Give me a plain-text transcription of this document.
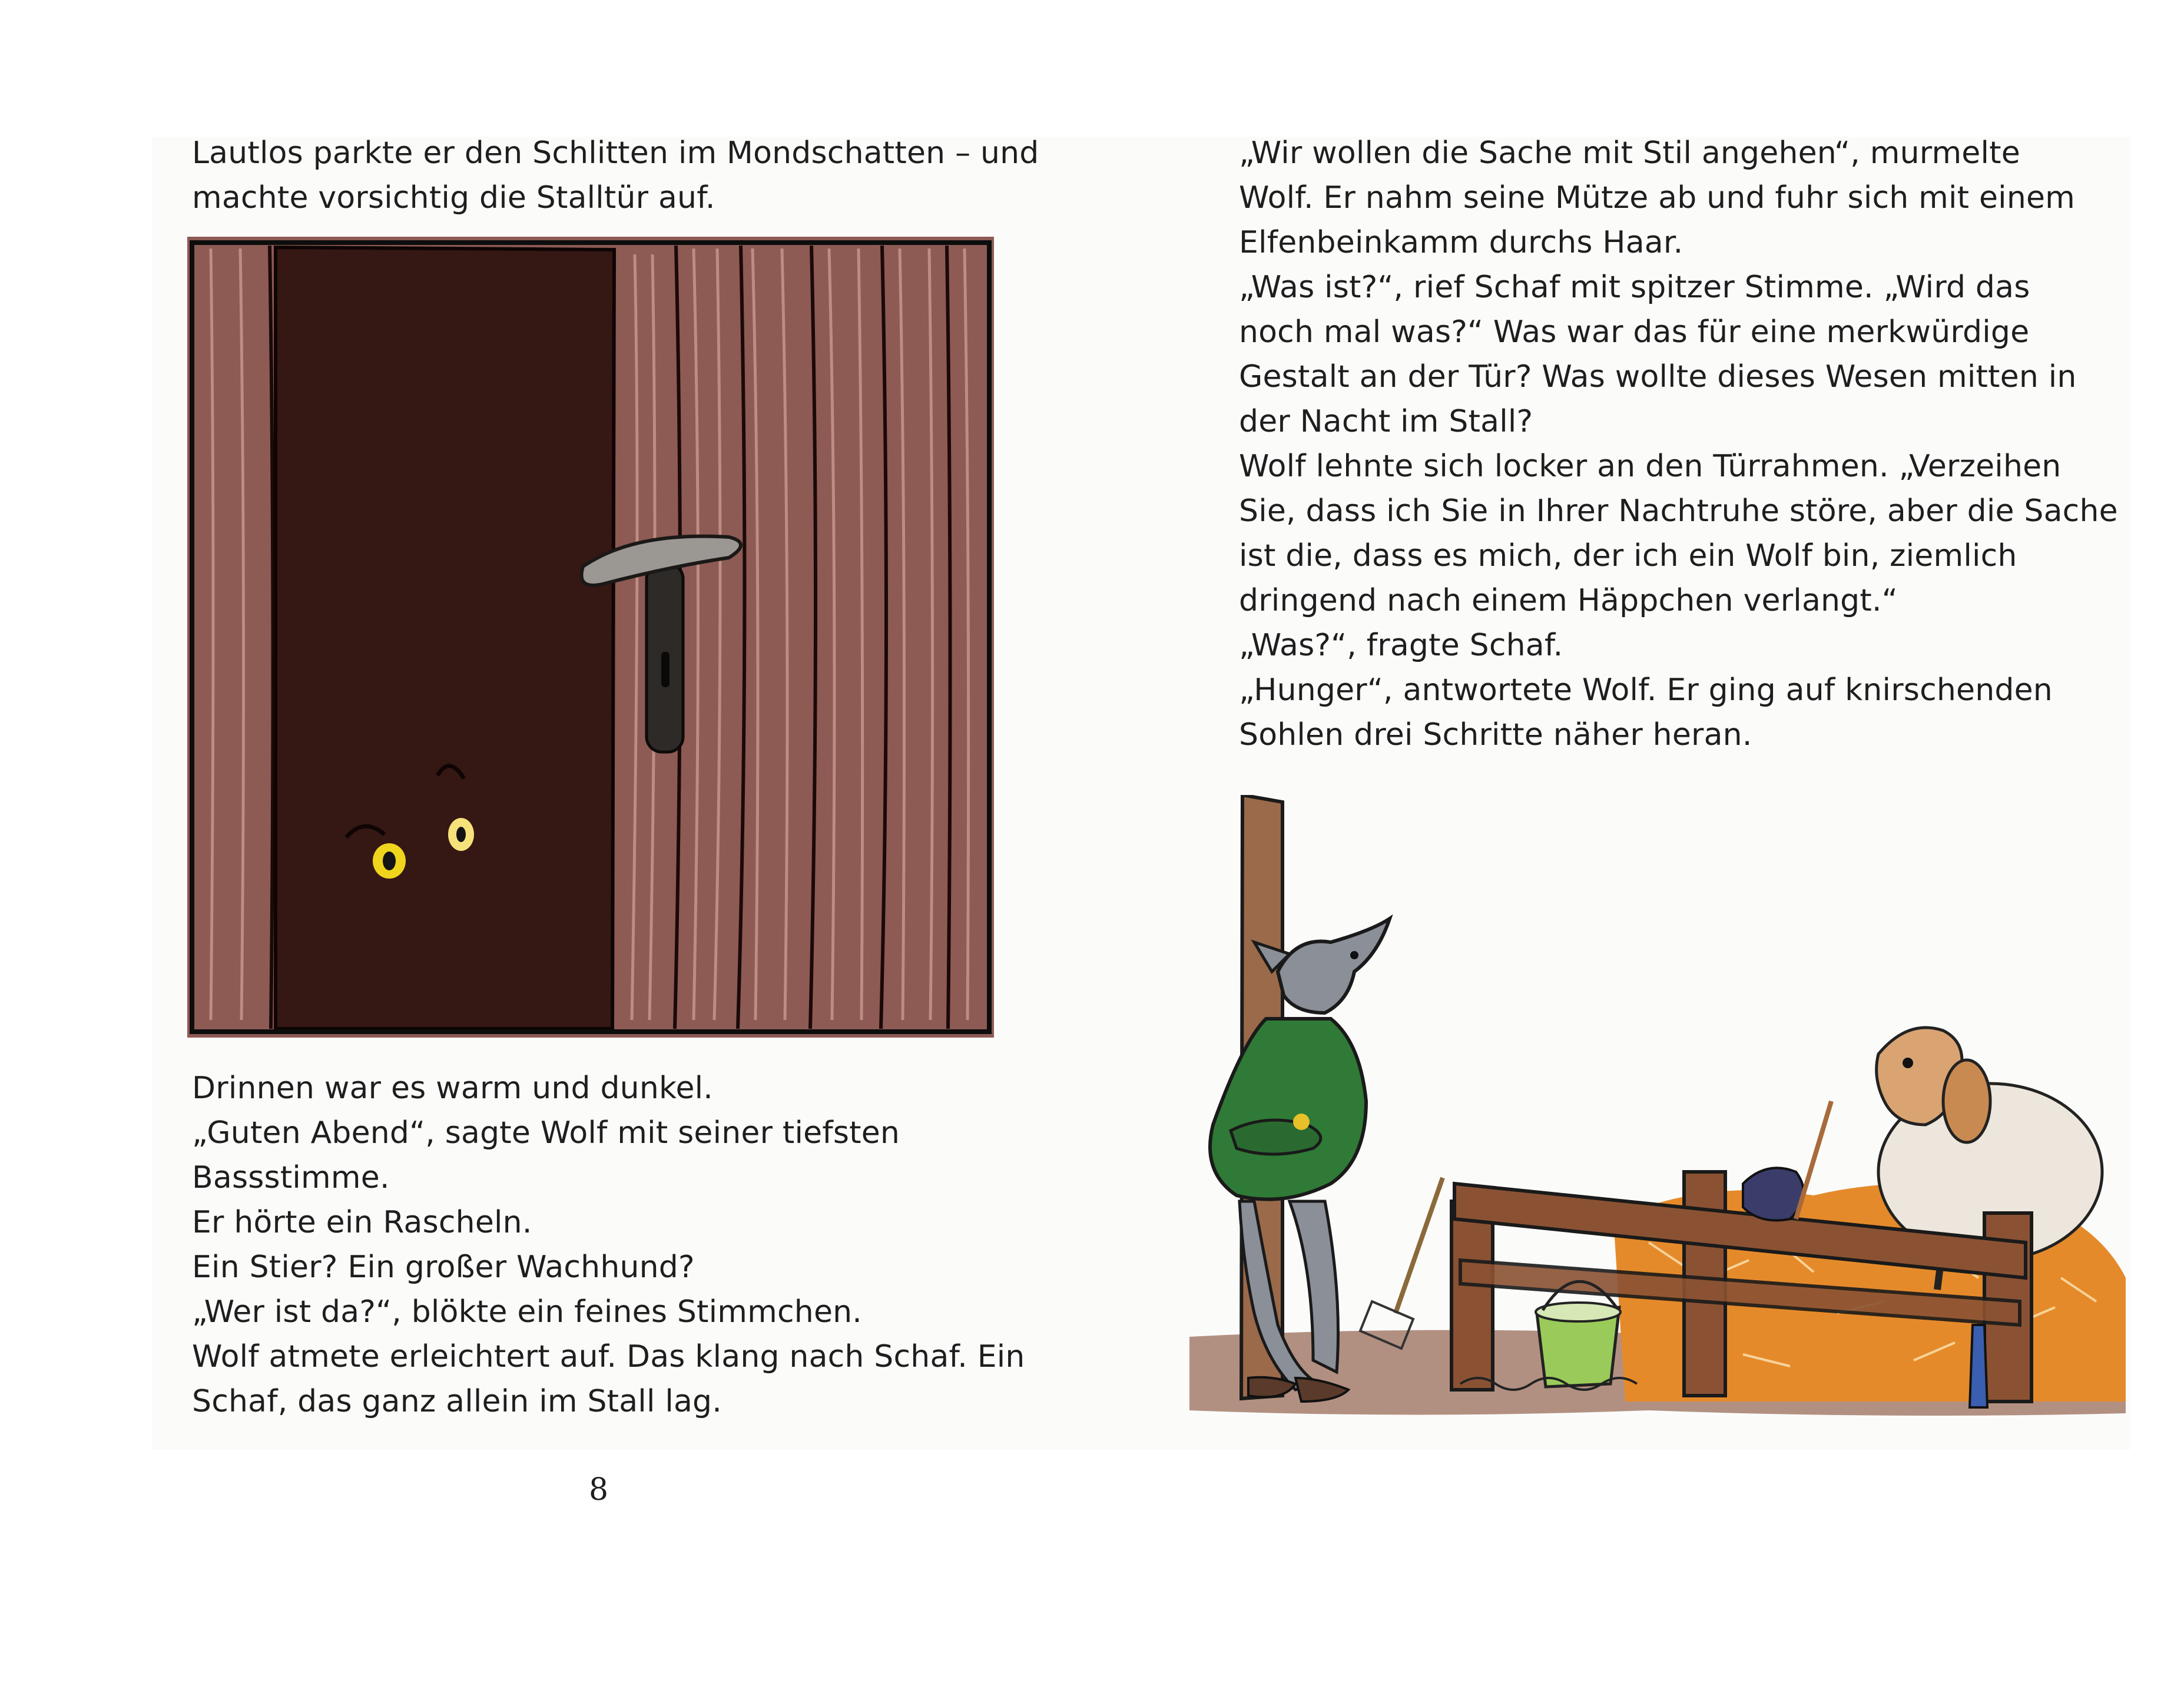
Lautlos parkte er den Schlitten im Mondschatten – und
machte vorsichtig die Stalltür auf.

Drinnen war es warm und dunkel.
„Guten Abend“, sagte Wolf mit seiner tiefsten
Bassstimme.
Er hörte ein Rascheln.
Ein Stier? Ein großer Wachhund?
„Wer ist da?“, blökte ein feines Stimmchen.
Wolf atmete erleichtert auf. Das klang nach Schaf. Ein
Schaf, das ganz allein im Stall lag.

8

„Wir wollen die Sache mit Stil angehen“, murmelte
Wolf. Er nahm seine Mütze ab und fuhr sich mit einem
Elfenbeinkamm durchs Haar.
„Was ist?“, rief Schaf mit spitzer Stimme. „Wird das
noch mal was?“ Was war das für eine merkwürdige
Gestalt an der Tür? Was wollte dieses Wesen mitten in
der Nacht im Stall?
Wolf lehnte sich locker an den Türrahmen. „Verzeihen
Sie, dass ich Sie in Ihrer Nachtruhe störe, aber die Sache
ist die, dass es mich, der ich ein Wolf bin, ziemlich
dringend nach einem Häppchen verlangt.“
„Was?“, fragte Schaf.
„Hunger“, antwortete Wolf. Er ging auf knirschenden
Sohlen drei Schritte näher heran.
